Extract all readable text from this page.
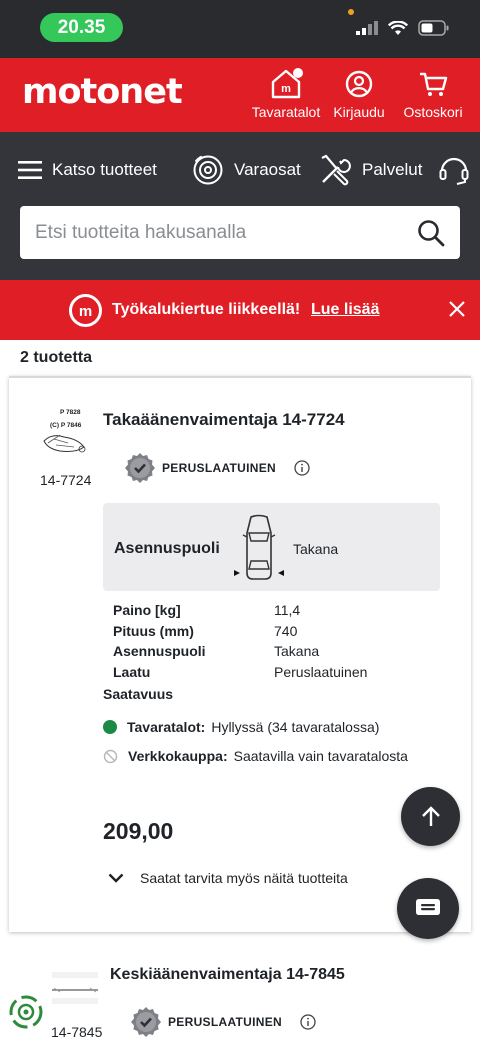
20.35
motonet	m
Tavaratalot Kirjaudu Ostoskori
Katso tuotteet	Varaosat	Palvelut
Etsi tuotteita hakusanalla
m Työkalukiertue liikkeellä! Lue lisää
2 tuotetta
P 7828
(C) P 7846
14-7724
Takaäänenvaimentaja 14-7724
PERUSLAATUINEN
Asennuspuoli	Takana
Paino [kg]	11,4
Pituus (mm)	740
Asennuspuoli	Takana
Laatu	Peruslaatuinen
Saatavuus
Tavaratalot: Hyllyssä (34 tavaratalossa)
Verkkokauppa: Saatavilla vain tavaratalosta
209,00
Saatat tarvita myös näitä tuotteita
Keskiäänenvaimentaja 14-7845
14-7845
PERUSLAATUINEN
